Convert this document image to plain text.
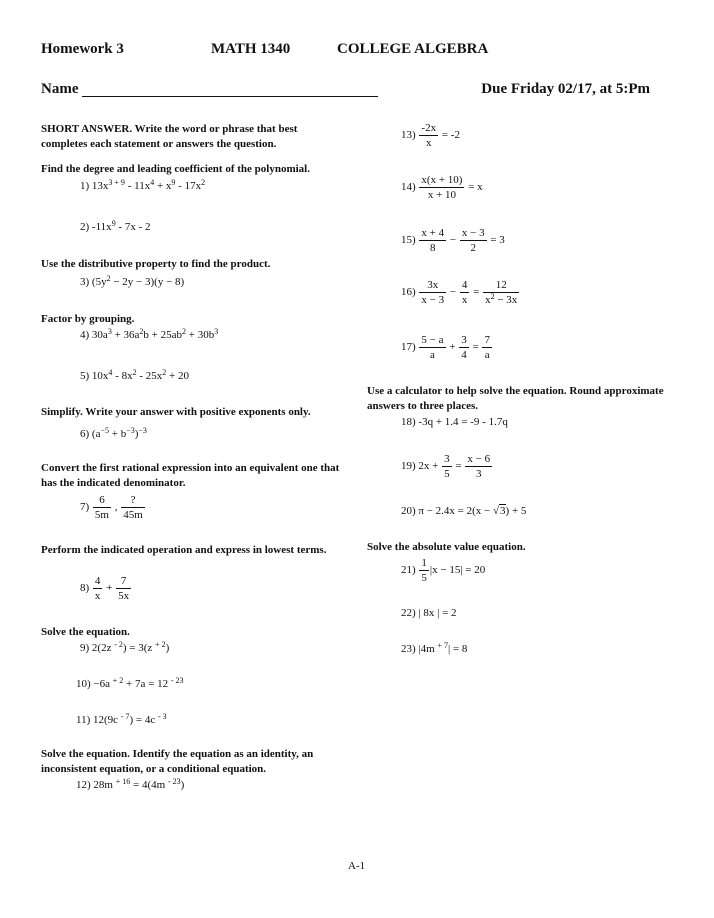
Homework 3	MATH 1340	COLLEGE ALGEBRA
Name	Due Friday 02/17, at 5:Pm
SHORT ANSWER. Write the word or phrase that best completes each statement or answers the question.
Find the degree and leading coefficient of the polynomial.
1) $13x^{3 + 9} - 11x^4 + x^9 - 17x^2$
2) $-11x^9 - 7x - 2$
Use the distributive property to find the product.
3) $(5y^2 - 2y - 3)(y - 8)$
Factor by grouping.
4) $30a^3 + 36a^2b + 25ab^2 + 30b^3$
5) $10x^4 - 8x^2 - 25x^2 + 20$
Simplify. Write your answer with positive exponents only.
6) $(a^{-5} + b^{-3})^{-3}$
Convert the first rational expression into an equivalent one that has the indicated denominator.
$7) \frac{6}{5m}$ , $\frac{?}{45m}$
Perform the indicated operation and express in lowest terms.
$8) \frac{4}{x} + \frac{7}{5x}$
Solve the equation.
9) 2(2z $^{- 2}$) = 3(z $^{+ 2}$)
10) −6a $^{+ 2}$ + 7a = 12 $^{- 23}$
11) 12(9c $^{- 7}$) = 4c $^{- 3}$
Solve the equation. Identify the equation as an identity, an inconsistent equation, or a conditional equation.
12) 28m $^{+ 16}$ = 4(4m $^{- 23}$)
$13) \frac{-2x}{x} = -2$
$14) \frac{x(x + 10)}{x + 10} = x$
$15) \frac{x + 4}{8} - \frac{x - 3}{2} = 3$
$16) \frac{3x}{x - 3} - \frac{4}{x} = \frac{12}{x^2 - 3x}$
$17) \frac{5 - a}{a} + \frac{3}{4} = \frac{7}{a}$
Use a calculator to help solve the equation. Round approximate answers to three places.
18) -3q + 1.4 = -9 - 1.7q
19) $2x + \frac{3}{5} = \frac{x - 6}{3}$
20) π − 2.4x = 2(x − √3) + 5
Solve the absolute value equation.
$21) \frac{1}{5} |x - 15| = 20$
22) | 8x | = 2
23) |4m $^{+ 7}$| = 8
A-1
